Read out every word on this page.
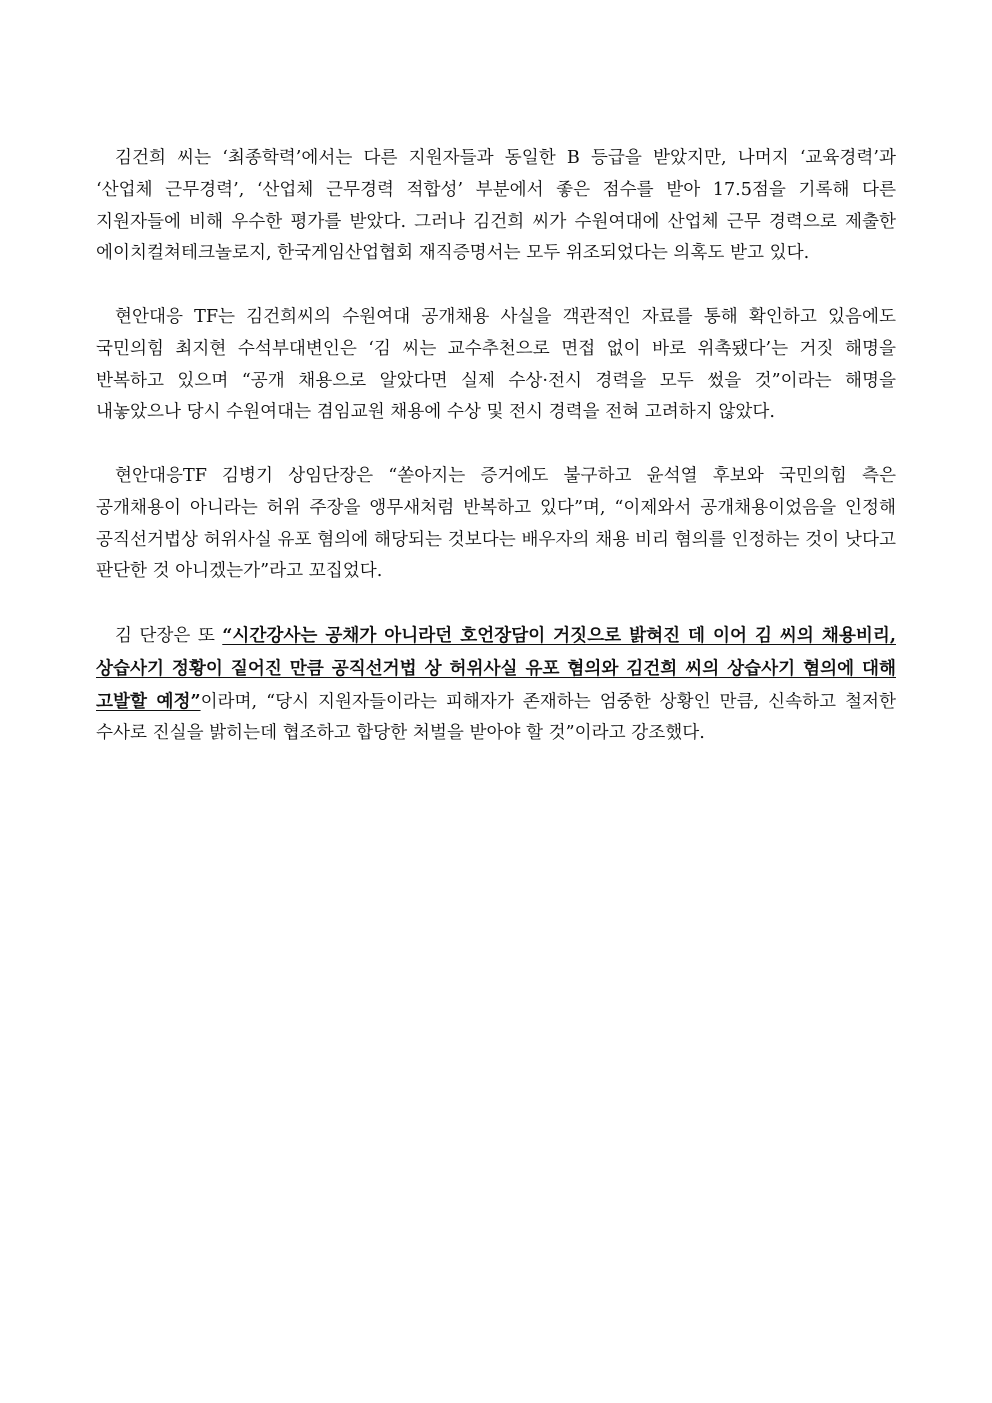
김건희 씨는 ‘최종학력’에서는 다른 지원자들과 동일한 B 등급을 받았지만, 나머지 ‘교육경력’과 ‘산업체 근무경력’, ‘산업체 근무경력 적합성’ 부분에서 좋은 점수를 받아 17.5점을 기록해 다른 지원자들에 비해 우수한 평가를 받았다. 그러나 김건희 씨가 수원여대에 산업체 근무 경력으로 제출한 에이치컬쳐테크놀로지, 한국게임산업협회 재직증명서는 모두 위조되었다는 의혹도 받고 있다.

현안대응 TF는 김건희씨의 수원여대 공개채용 사실을 객관적인 자료를 통해 확인하고 있음에도 국민의힘 최지현 수석부대변인은 ‘김 씨는 교수추천으로 면접 없이 바로 위촉됐다’는 거짓 해명을 반복하고 있으며 “공개 채용으로 알았다면 실제 수상·전시 경력을 모두 썼을 것”이라는 해명을 내놓았으나 당시 수원여대는 겸임교원 채용에 수상 및 전시 경력을 전혀 고려하지 않았다.

현안대응TF 김병기 상임단장은 “쏟아지는 증거에도 불구하고 윤석열 후보와 국민의힘 측은 공개채용이 아니라는 허위 주장을 앵무새처럼 반복하고 있다”며, “이제와서 공개채용이었음을 인정해 공직선거법상 허위사실 유포 혐의에 해당되는 것보다는 배우자의 채용 비리 혐의를 인정하는 것이 낫다고 판단한 것 아니겠는가”라고 꼬집었다.

김 단장은 또 “시간강사는 공채가 아니라던 호언장담이 거짓으로 밝혀진 데 이어 김 씨의 채용비리, 상습사기 정황이 짙어진 만큼 공직선거법 상 허위사실 유포 혐의와 김건희 씨의 상습사기 혐의에 대해 고발할 예정”이라며, “당시 지원자들이라는 피해자가 존재하는 엄중한 상황인 만큼, 신속하고 철저한 수사로 진실을 밝히는데 협조하고 합당한 처벌을 받아야 할 것”이라고 강조했다.
